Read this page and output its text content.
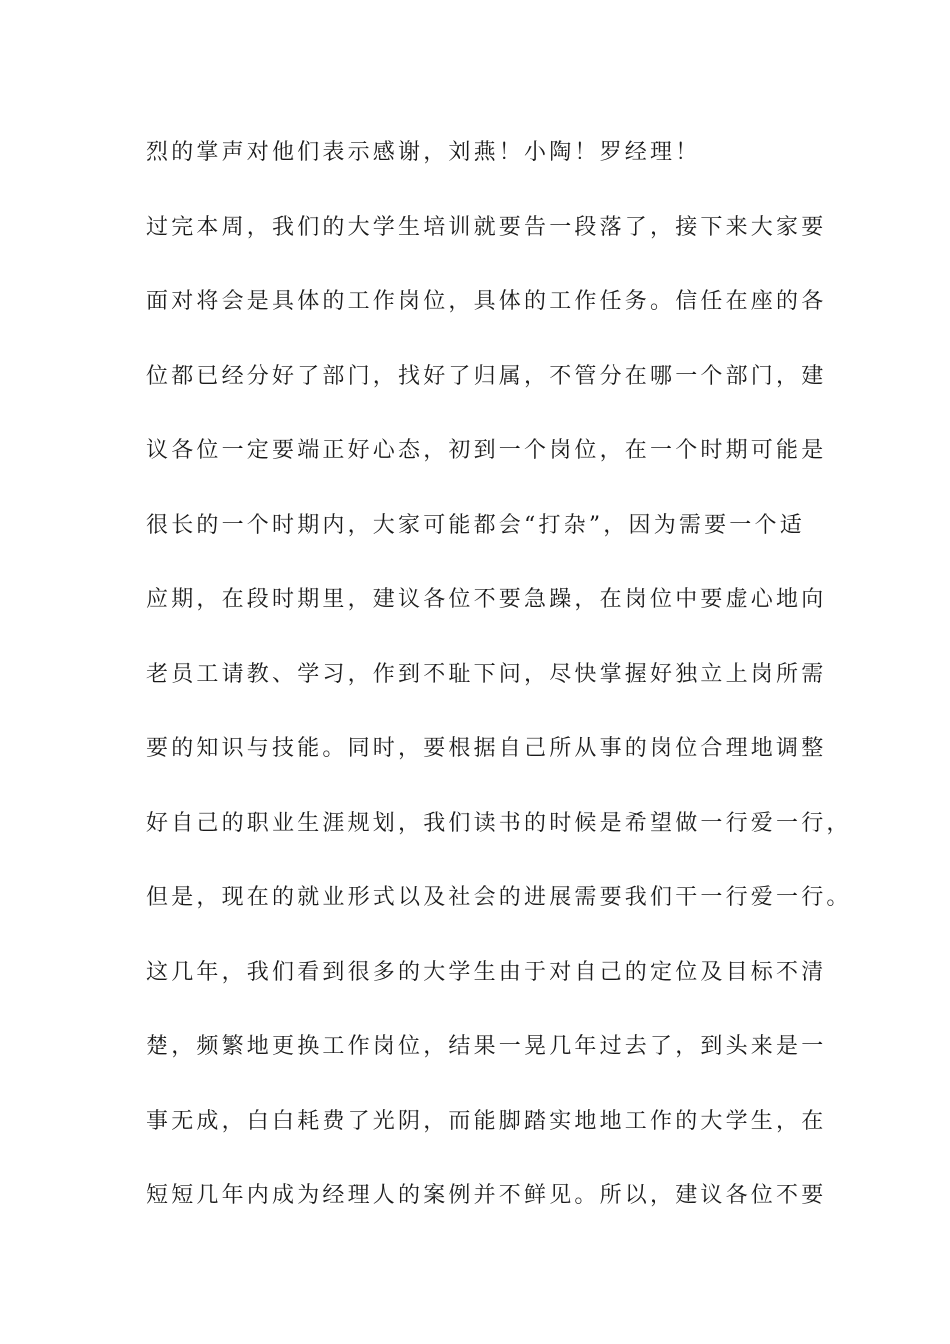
烈的掌声对他们表示感谢，刘燕！小陶！罗经理！
过完本周，我们的大学生培训就要告一段落了，接下来大家要
面对将会是具体的工作岗位，具体的工作任务。信任在座的各
位都已经分好了部门，找好了归属，不管分在哪一个部门，建
议各位一定要端正好心态，初到一个岗位，在一个时期可能是
很长的一个时期内，大家可能都会“打杂”，因为需要一个适
应期，在段时期里，建议各位不要急躁，在岗位中要虚心地向
老员工请教、学习，作到不耻下问，尽快掌握好独立上岗所需
要的知识与技能。同时，要根据自己所从事的岗位合理地调整
好自己的职业生涯规划，我们读书的时候是希望做一行爱一行，
但是，现在的就业形式以及社会的进展需要我们干一行爱一行。
这几年，我们看到很多的大学生由于对自己的定位及目标不清
楚，频繁地更换工作岗位，结果一晃几年过去了，到头来是一
事无成，白白耗费了光阴，而能脚踏实地地工作的大学生，在
短短几年内成为经理人的案例并不鲜见。所以，建议各位不要
